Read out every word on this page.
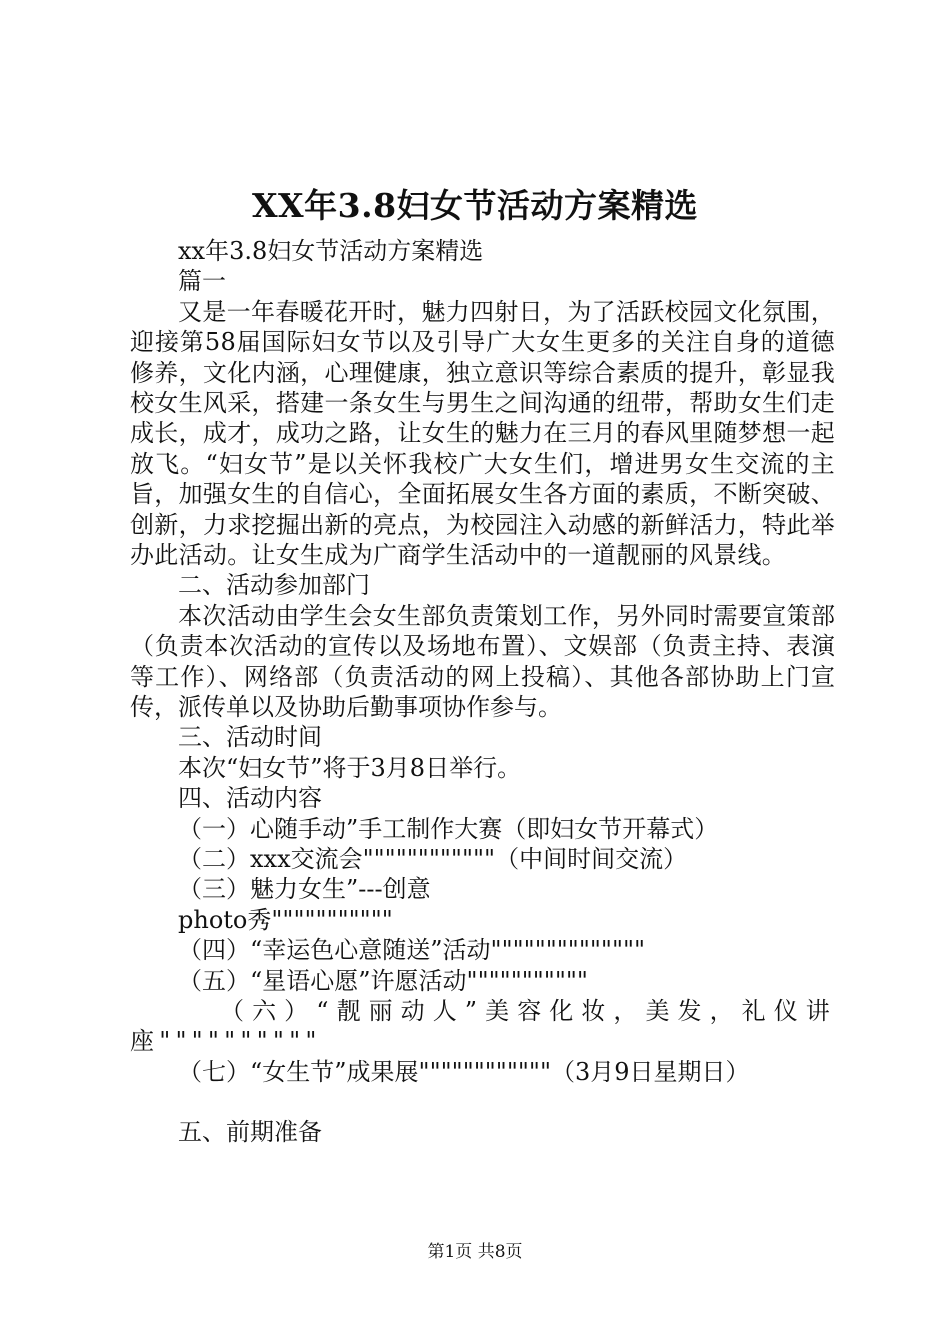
XX年3.8妇女节活动方案精选
xx年3.8妇女节活动方案精选
篇一
又是一年春暖花开时，魅力四射日，为了活跃校园文化氛围，迎接第58届国际妇女节以及引导广大女生更多的关注自身的道德修养，文化内涵，心理健康，独立意识等综合素质的提升，彰显我校女生风采，搭建一条女生与男生之间沟通的纽带，帮助女生们走成长，成才，成功之路，让女生的魅力在三月的春风里随梦想一起放飞。“妇女节”是以关怀我校广大女生们，增进男女生交流的主旨，加强女生的自信心，全面拓展女生各方面的素质，不断突破、创新，力求挖掘出新的亮点，为校园注入动感的新鲜活力，特此举办此活动。让女生成为广商学生活动中的一道靓丽的风景线。
二、活动参加部门
本次活动由学生会女生部负责策划工作，另外同时需要宣策部（负责本次活动的宣传以及场地布置）、文娱部（负责主持、表演等工作）、网络部（负责活动的网上投稿）、其他各部协助上门宣传，派传单以及协助后勤事项协作参与。
三、活动时间
本次“妇女节”将于3月8日举行。
四、活动内容
（一）心随手动”手工制作大赛（即妇女节开幕式）
（二）xxx交流会""""""""""""（中间时间交流）
（三）魅力女生”---创意
photo秀"""""""""""
（四）“幸运色心意随送”活动""""""""""""""
（五）“星语心愿”许愿活动"""""""""""
（六）“靓丽动人”美容化妆，美发，礼仪讲座""""""""""
（七）“女生节”成果展""""""""""""（3月9日星期日）
五、前期准备
第1页 共8页
